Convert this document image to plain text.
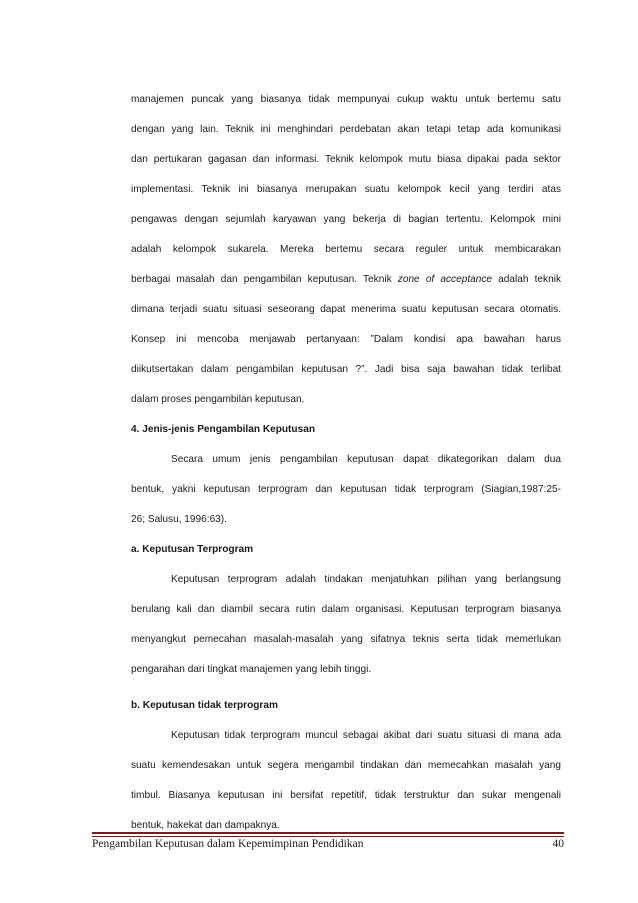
manajemen puncak yang biasanya tidak mempunyai cukup waktu untuk bertemu satu
dengan yang lain. Teknik ini menghindari perdebatan akan tetapi tetap ada komunikasi
dan pertukaran gagasan dan informasi. Teknik kelompok mutu biasa dipakai pada sektor
implementasi. Teknik ini biasanya merupakan suatu kelompok kecil yang terdiri atas
pengawas dengan sejumlah karyawan yang bekerja di bagian tertentu. Kelompok mini
adalah kelompok sukarela. Mereka bertemu secara reguler untuk membicarakan
berbagai masalah dan pengambilan keputusan. Teknik zone of acceptance adalah teknik
dimana terjadi suatu situasi seseorang dapat menerima suatu keputusan secara otomatis.
Konsep ini mencoba menjawab pertanyaan: ”Dalam kondisi apa bawahan harus
diikutsertakan dalam pengambilan keputusan ?”. Jadi bisa saja bawahan tidak terlibat
dalam proses pengambilan keputusan.
4. Jenis-jenis Pengambilan Keputusan
Secara umum jenis pengambilan keputusan dapat dikategorikan dalam dua
bentuk, yakni keputusan terprogram dan keputusan tidak terprogram (Siagian,1987:25-
26; Salusu, 1996:63).
a. Keputusan Terprogram
Keputusan terprogram adalah tindakan menjatuhkan pilihan yang berlangsung
berulang kali dan diambil secara rutin dalam organisasi. Keputusan terprogram biasanya
menyangkut pemecahan masalah-masalah yang sifatnya teknis serta tidak memerlukan
pengarahan dari tingkat manajemen yang lebih tinggi.
b. Keputusan tidak terprogram
Keputusan tidak terprogram muncul sebagai akibat dari suatu situasi di mana ada
suatu kemendesakan untuk segera mengambil tindakan dan memecahkan masalah yang
timbul. Biasanya keputusan ini bersifat repetitif, tidak terstruktur dan sukar mengenali
bentuk, hakekat dan dampaknya.
Pengambilan Keputusan dalam Kepemimpinan Pendidikan	40
